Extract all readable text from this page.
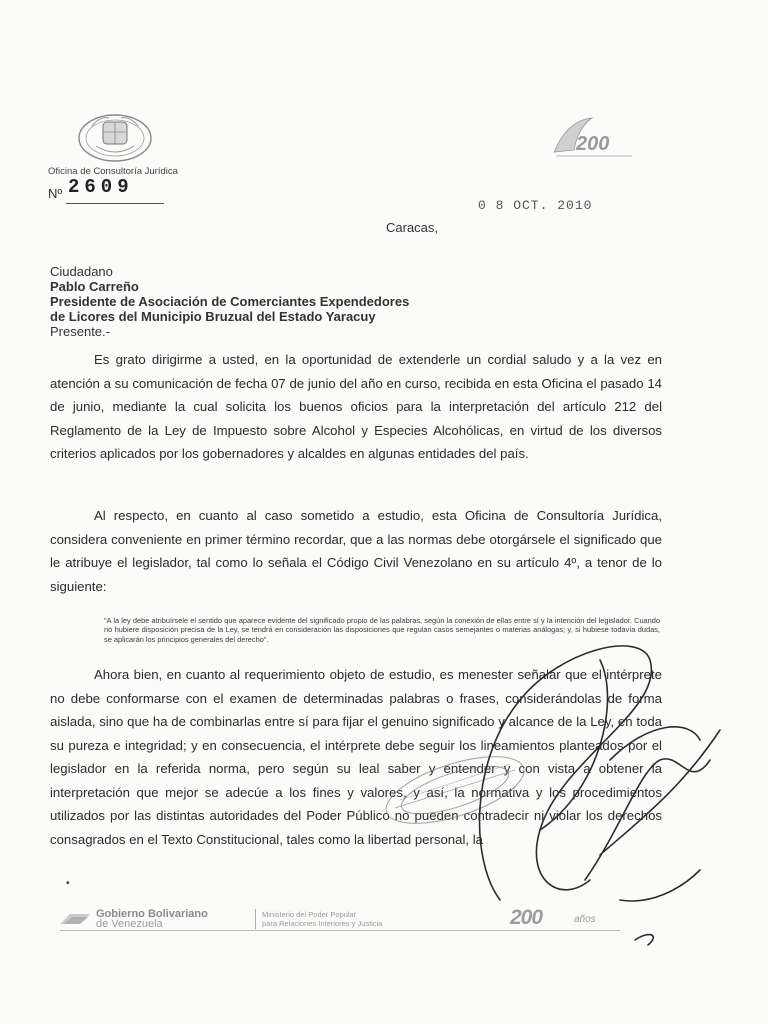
Oficina de Consultoría Jurídica
Nº 2609
200
0 8 OCT. 2010
Caracas,
Ciudadano
Pablo Carreño
Presidente de Asociación de Comerciantes Expendedores
de Licores del Municipio Bruzual del Estado Yaracuy
Presente.-

Es grato dirigirme a usted, en la oportunidad de extenderle un cordial saludo y a la vez en atención a su comunicación de fecha 07 de junio del año en curso, recibida en esta Oficina el pasado 14 de junio, mediante la cual solicita los buenos oficios para la interpretación del artículo 212 del Reglamento de la Ley de Impuesto sobre Alcohol y Especies Alcohólicas, en virtud de los diversos criterios aplicados por los gobernadores y alcaldes en algunas entidades del país.

Al respecto, en cuanto al caso sometido a estudio, esta Oficina de Consultoría Jurídica, considera conveniente en primer término recordar, que a las normas debe otorgársele el significado que le atribuye el legislador, tal como lo señala el Código Civil Venezolano en su artículo 4º, a tenor de lo siguiente:

"A la ley debe atribuírsele el sentido que aparece evidente del significado propio de las palabras, según la conexión de ellas entre sí y la intención del legislador. Cuando no hubiere disposición precisa de la Ley, se tendrá en consideración las disposiciones que regulan casos semejantes o materias análogas; y, si hubiese todavía dudas, se aplicarán los principios generales del derecho".

Ahora bien, en cuanto al requerimiento objeto de estudio, es menester señalar que el intérprete no debe conformarse con el examen de determinadas palabras o frases, considerándolas de forma aislada, sino que ha de combinarlas entre sí para fijar el genuino significado y alcance de la Ley, en toda su pureza e integridad; y en consecuencia, el intérprete debe seguir los lineamientos planteados por el legislador en la referida norma, pero según su leal saber y entender y con vista a obtener la interpretación que mejor se adecúe a los fines y valores, y así, la normativa y los procedimientos utilizados por las distintas autoridades del Poder Público no pueden contradecir ni violar los derechos consagrados en el Texto Constitucional, tales como la libertad personal, la

•
Gobierno Bolivariano
de Venezuela
Ministerio del Poder Popular
para Relaciones Interiores y Justicia	200	años
